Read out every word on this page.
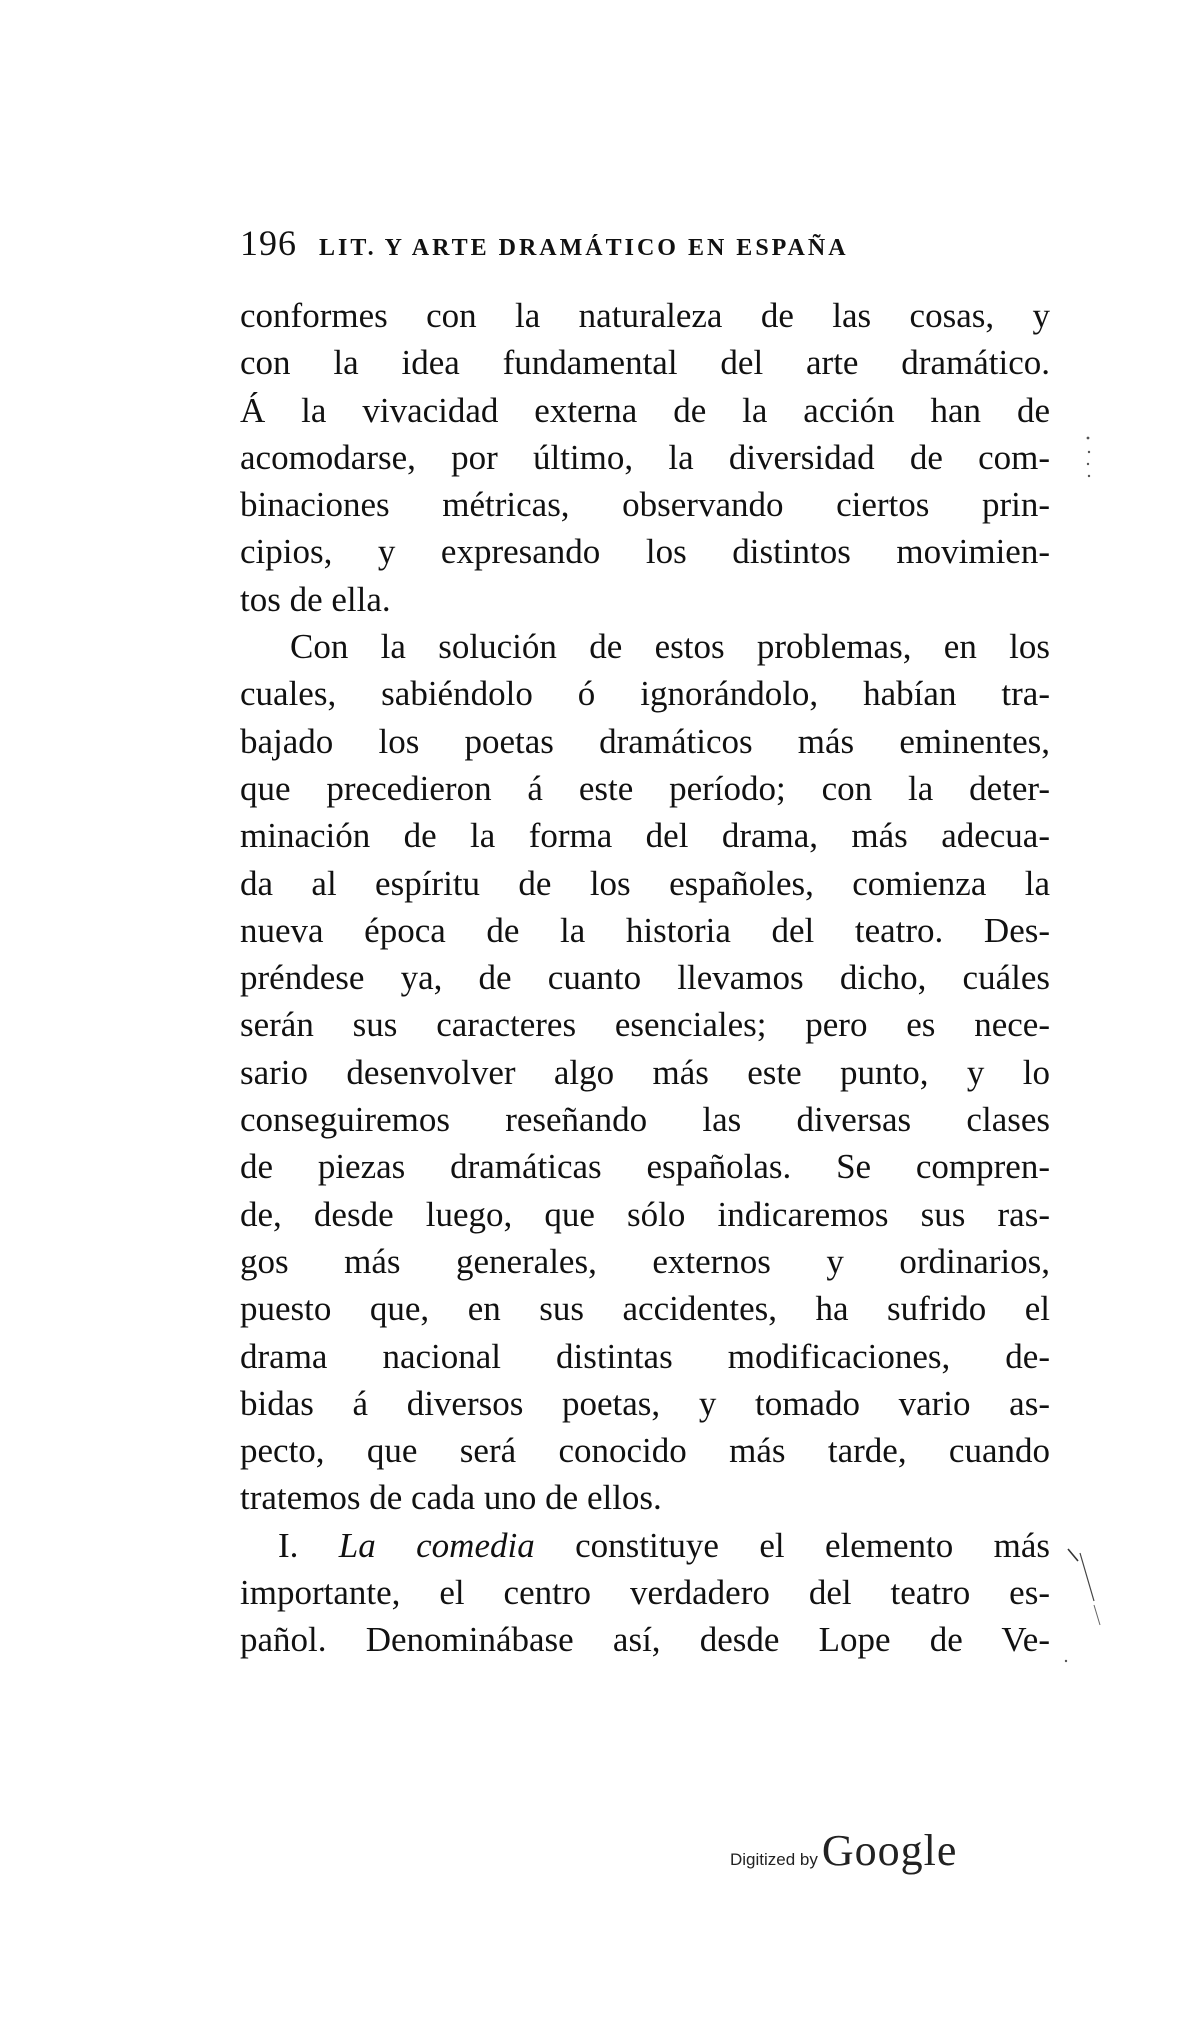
196 LIT. Y ARTE DRAMÁTICO EN ESPAÑA
conformes con la naturaleza de las cosas, y
con la idea fundamental del arte dramático.
Á la vivacidad externa de la acción han de
acomodarse, por último, la diversidad de com-
binaciones métricas, observando ciertos prin-
cipios, y expresando los distintos movimien-
tos de ella.
Con la solución de estos problemas, en los
cuales, sabiéndolo ó ignorándolo, habían tra-
bajado los poetas dramáticos más eminentes,
que precedieron á este período; con la deter-
minación de la forma del drama, más adecua-
da al espíritu de los españoles, comienza la
nueva época de la historia del teatro. Des-
préndese ya, de cuanto llevamos dicho, cuáles
serán sus caracteres esenciales; pero es nece-
sario desenvolver algo más este punto, y lo
conseguiremos reseñando las diversas clases
de piezas dramáticas españolas. Se compren-
de, desde luego, que sólo indicaremos sus ras-
gos más generales, externos y ordinarios,
puesto que, en sus accidentes, ha sufrido el
drama nacional distintas modificaciones, de-
bidas á diversos poetas, y tomado vario as-
pecto, que será conocido más tarde, cuando
tratemos de cada uno de ellos.
I. La comedia constituye el elemento más
importante, el centro verdadero del teatro es-
pañol. Denominábase así, desde Lope de Ve-
Digitized by Google
